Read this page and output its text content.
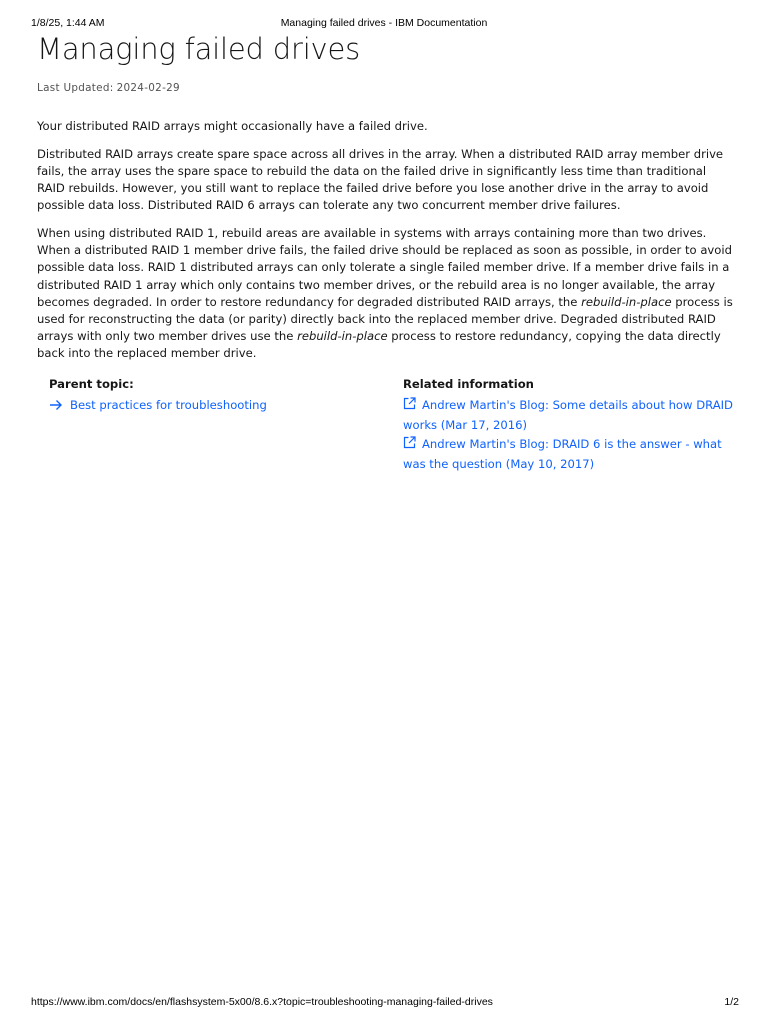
1/8/25, 1:44 AM	Managing failed drives - IBM Documentation
Managing failed drives
Last Updated: 2024-02-29

Your distributed RAID arrays might occasionally have a failed drive.

Distributed RAID arrays create spare space across all drives in the array. When a distributed RAID array member drive fails, the array uses the spare space to rebuild the data on the failed drive in significantly less time than traditional RAID rebuilds. However, you still want to replace the failed drive before you lose another drive in the array to avoid possible data loss. Distributed RAID 6 arrays can tolerate any two concurrent member drive failures.

When using distributed RAID 1, rebuild areas are available in systems with arrays containing more than two drives. When a distributed RAID 1 member drive fails, the failed drive should be replaced as soon as possible, in order to avoid possible data loss. RAID 1 distributed arrays can only tolerate a single failed member drive. If a member drive fails in a distributed RAID 1 array which only contains two member drives, or the rebuild area is no longer available, the array becomes degraded. In order to restore redundancy for degraded distributed RAID arrays, the rebuild-in-place process is used for reconstructing the data (or parity) directly back into the replaced member drive. Degraded distributed RAID arrays with only two member drives use the rebuild-in-place process to restore redundancy, copying the data directly back into the replaced member drive.

Parent topic:
Best practices for troubleshooting
Related information
Andrew Martin's Blog: Some details about how DRAID works (Mar 17, 2016)
Andrew Martin's Blog: DRAID 6 is the answer - what was the question (May 10, 2017)
https://www.ibm.com/docs/en/flashsystem-5x00/8.6.x?topic=troubleshooting-managing-failed-drives	1/2
